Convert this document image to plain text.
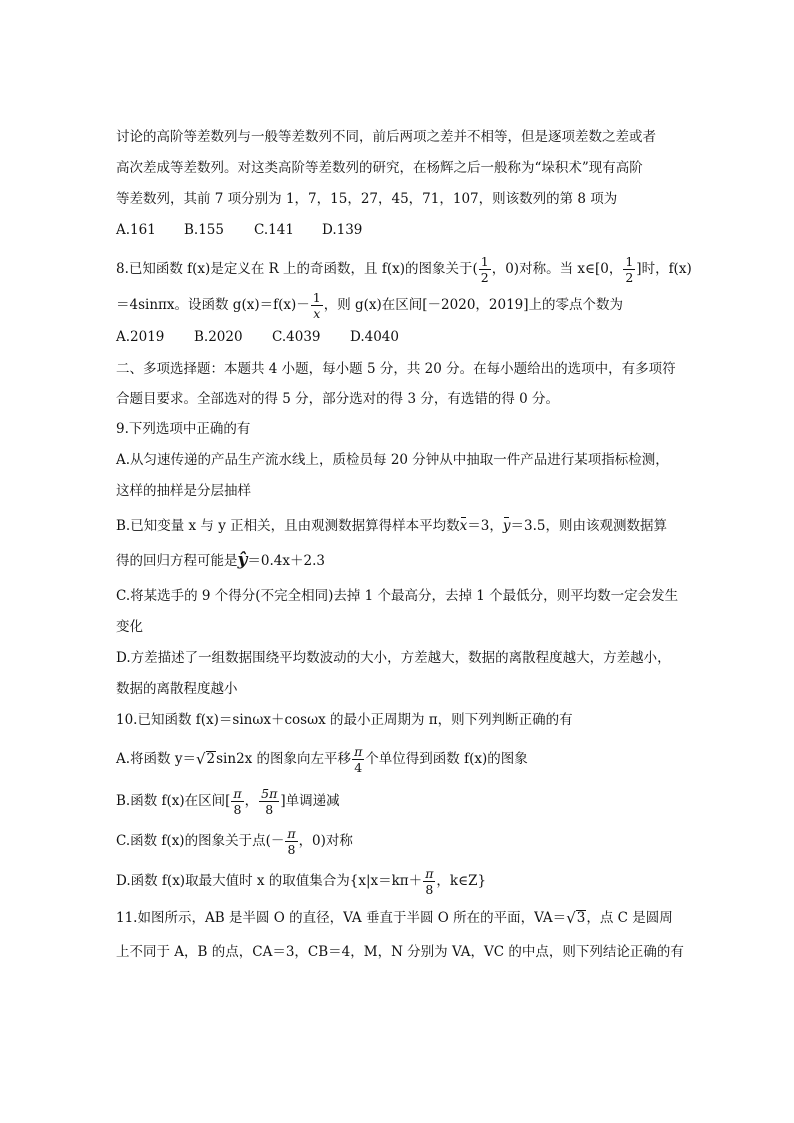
讨论的高阶等差数列与一般等差数列不同，前后两项之差并不相等，但是逐项差数之差或者
高次差成等差数列。对这类高阶等差数列的研究，在杨辉之后一般称为“垛积术”现有高阶
等差数列，其前 7 项分别为 1，7，15，27，45，71，107，则该数列的第 8 项为
A.161	B.155	C.141	D.139
8.已知函数 f(x)是定义在 R 上的奇函数，且 f(x)的图象关于( $\frac{1}{2}$ ，0)对称。当 x∈[0， $\frac{1}{2}$ ]时，f(x)
＝4sinπx。设函数 $g(x)=f(x)- \frac{1}{x}$ ，则 g(x)在区间[－2020，2019]上的零点个数为
A.2019	B.2020	C.4039	D.4040
二、多项选择题：本题共 4 小题，每小题 5 分，共 20 分。在每小题给出的选项中，有多项符
合题目要求。全部选对的得 5 分，部分选对的得 3 分，有选错的得 0 分。
9.下列选项中正确的有
A.从匀速传递的产品生产流水线上，质检员每 20 分钟从中抽取一件产品进行某项指标检测，
这样的抽样是分层抽样
B.已知变量 x 与 y 正相关，且由观测数据算得样本平均数x＝3，y＝3.5，则由该观测数据算
得的回归方程可能是ŷ＝0.4x＋2.3
C.将某选手的 9 个得分(不完全相同)去掉 1 个最高分，去掉 1 个最低分，则平均数一定会发生
变化
D.方差描述了一组数据围绕平均数波动的大小，方差越大，数据的离散程度越大，方差越小，
数据的离散程度越小
10.已知函数 f(x)＝sinωx＋cosωx 的最小正周期为 π，则下列判断正确的有
A.将函数 y＝ √ 2 sin2x 的图象向左平移 $\frac{\pi}{4}$ 个单位得到函数 f(x)的图象
B.函数 f(x)在区间[ $\frac{\pi}{8}$ ， $\frac{5\pi}{8}$ ]单调递减
C.函数 f(x)的图象关于点(－ $\frac{\pi}{8}$ ，0)对称
D.函数 f(x)取最大值时 x 的取值集合为{$x|x=k\pi+ \frac{\pi}{8}$ ，k∈Z}
11.如图所示，AB 是半圆 O 的直径，VA 垂直于半圆 O 所在的平面，VA＝ √ 3 ，点 C 是圆周
上不同于 A，B 的点，CA＝3，CB＝4，M，N 分别为 VA，VC 的中点，则下列结论正确的有
